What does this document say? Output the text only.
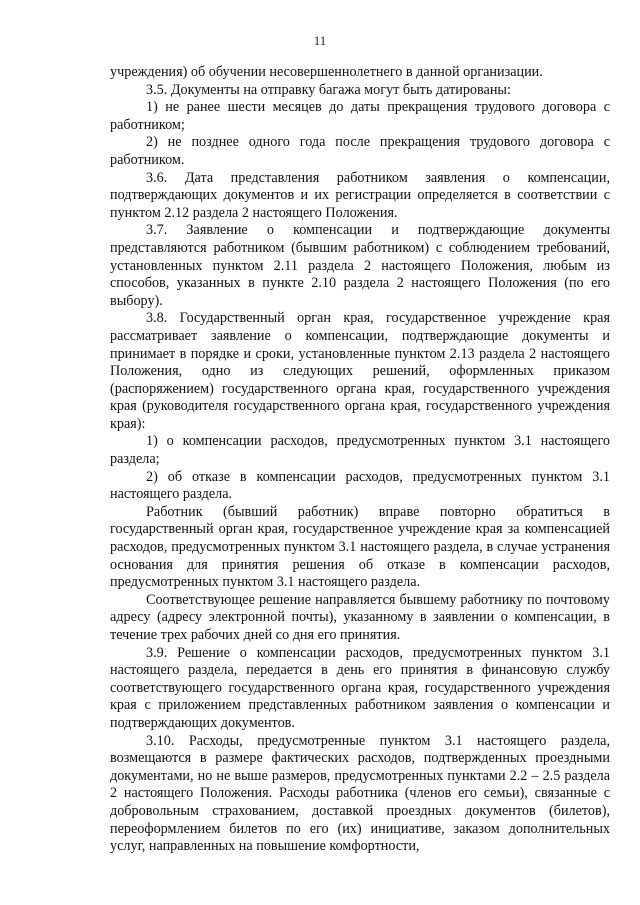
11

учреждения) об обучении несовершеннолетнего в данной организации.

3.5. Документы на отправку багажа могут быть датированы:

1) не ранее шести месяцев до даты прекращения трудового договора с работником;

2) не позднее одного года после прекращения трудового договора с работником.

3.6. Дата представления работником заявления о компенсации, подтверждающих документов и их регистрации определяется в соответствии с пунктом 2.12 раздела 2 настоящего Положения.

3.7. Заявление о компенсации и подтверждающие документы представляются работником (бывшим работником) с соблюдением требований, установленных пунктом 2.11 раздела 2 настоящего Положения, любым из способов, указанных в пункте 2.10 раздела 2 настоящего Положения (по его выбору).

3.8. Государственный орган края, государственное учреждение края рассматривает заявление о компенсации, подтверждающие документы и принимает в порядке и сроки, установленные пунктом 2.13 раздела 2 настоящего Положения, одно из следующих решений, оформленных приказом (распоряжением) государственного органа края, государственного учреждения края (руководителя государственного органа края, государственного учреждения края):

1) о компенсации расходов, предусмотренных пунктом 3.1 настоящего раздела;

2) об отказе в компенсации расходов, предусмотренных пунктом 3.1 настоящего раздела.

Работник (бывший работник) вправе повторно обратиться в государственный орган края, государственное учреждение края за компенсацией расходов, предусмотренных пунктом 3.1 настоящего раздела, в случае устранения основания для принятия решения об отказе в компенсации расходов, предусмотренных пунктом 3.1 настоящего раздела.

Соответствующее решение направляется бывшему работнику по почтовому адресу (адресу электронной почты), указанному в заявлении о компенсации, в течение трех рабочих дней со дня его принятия.

3.9. Решение о компенсации расходов, предусмотренных пунктом 3.1 настоящего раздела, передается в день его принятия в финансовую службу соответствующего государственного органа края, государственного учреждения края с приложением представленных работником заявления о компенсации и подтверждающих документов.

3.10. Расходы, предусмотренные пунктом 3.1 настоящего раздела, возмещаются в размере фактических расходов, подтвержденных проездными документами, но не выше размеров, предусмотренных пунктами 2.2 – 2.5 раздела 2 настоящего Положения. Расходы работника (членов его семьи), связанные с добровольным страхованием, доставкой проездных документов (билетов), переоформлением билетов по его (их) инициативе, заказом дополнительных услуг, направленных на повышение комфортности,
